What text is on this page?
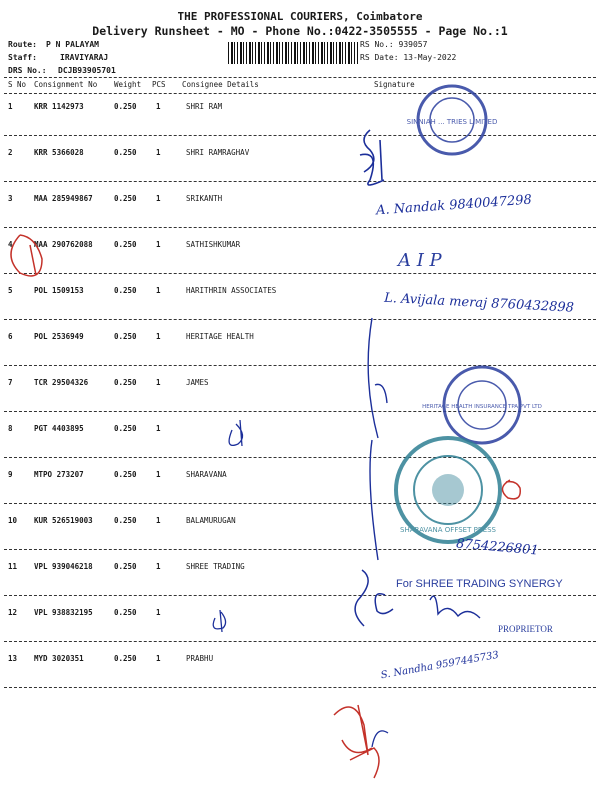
THE PROFESSIONAL COURIERS, Coimbatore
Delivery Runsheet - MO - Phone No.:0422-3505555 - Page No.:1
Route: P N PALAYAM
Staff:	IRAVIYARAJ
DRS No.: DCJB93905701
RS No.: 939057
RS Date: 13-May-2022
S No Consignment No Weight PCS Consignee Details	Signature
1	KRR 1142973	0.250	1	SHRI RAM
2	KRR 5366028	0.250	1	SHRI RAMRAGHAV
3	MAA 285949867	0.250	1	SRIKANTH
4	MAA 290762088	0.250	1	SATHISHKUMAR
5	POL 1509153	0.250	1	HARITHRIN ASSOCIATES
6	POL 2536949	0.250	1	HERITAGE HEALTH
7	TCR 29504326	0.250	1	JAMES
8	PGT 4403895	0.250	1
9	MTPO 273207	0.250	1	SHARAVANA
10 KUR 526519003	0.250	1	BALAMURUGAN
11 VPL 939046218	0.250	1	SHREE TRADING
12 VPL 938832195	0.250	1
13 MYD 3020351	0.250	1	PRABHU
SINNIAH ... TRIES LIMITED
HERITAGE HEALTH INSURANCE TPA PVT LTD
SHARAVANA OFFSET PRESS
A. Nandak 9840047298
A I P
L. Avijala meraj 8760432898
8754226801
For SHREE TRADING SYNERGY
PROPRIETOR
S. Nandha 9597445733
